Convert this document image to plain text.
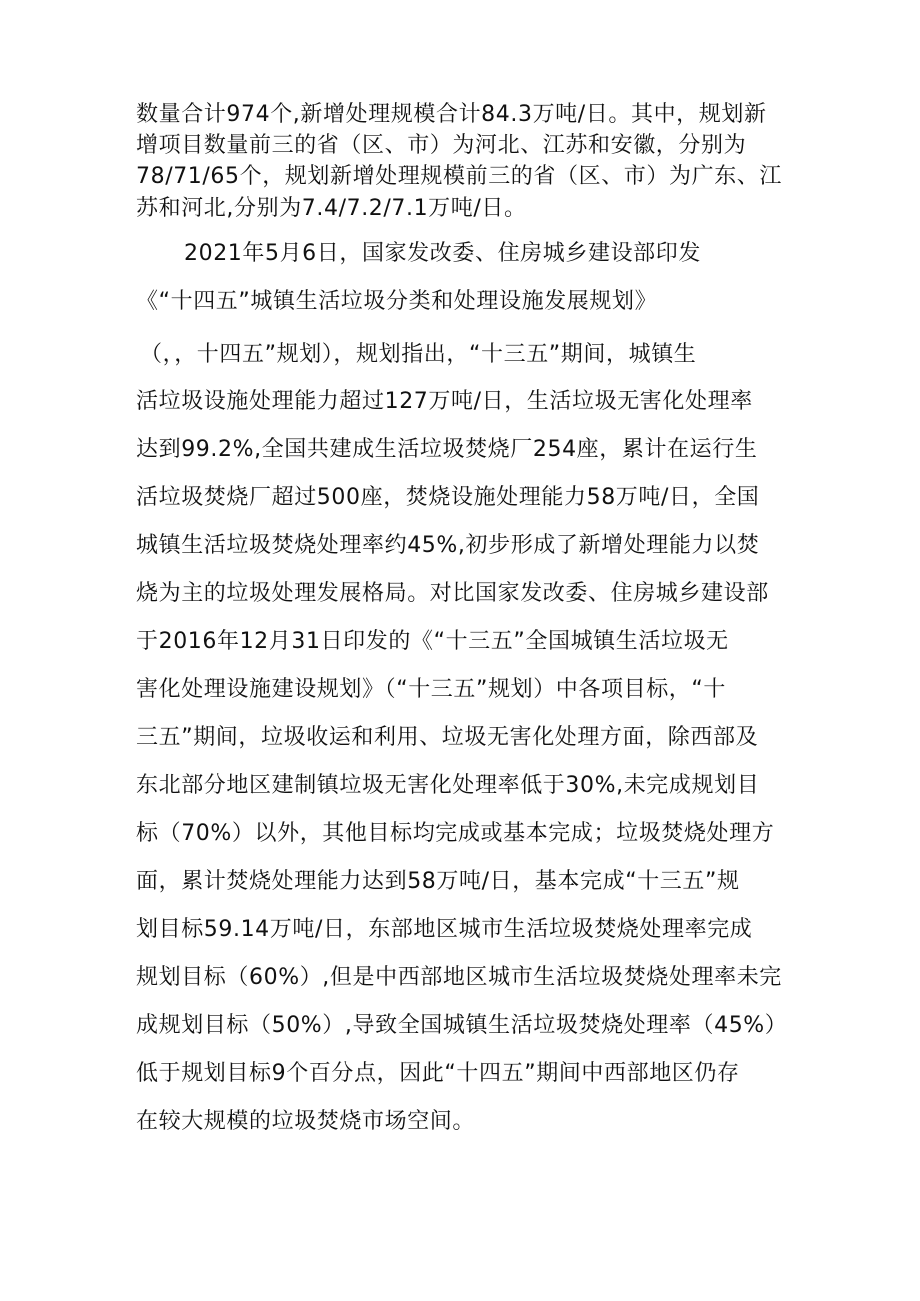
数量合计974个,新增处理规模合计84.3万吨/日。其中，规划新
增项目数量前三的省（区、市）为河北、江苏和安徽，分别为
78/71/65个，规划新增处理规模前三的省（区、市）为广东、江
苏和河北,分别为7.4/7.2/7.1万吨/日。
2021年5月6日，国家发改委、住房城乡建设部印发
《“十四五”城镇生活垃圾分类和处理设施发展规划》
（，，十四五”规划），规划指出，“十三五”期间，城镇生
活垃圾设施处理能力超过127万吨/日，生活垃圾无害化处理率
达到99.2%,全国共建成生活垃圾焚烧厂254座，累计在运行生
活垃圾焚烧厂超过500座，焚烧设施处理能力58万吨/日，全国
城镇生活垃圾焚烧处理率约45%,初步形成了新增处理能力以焚
烧为主的垃圾处理发展格局。对比国家发改委、住房城乡建设部
于2016年12月31日印发的《“十三五”全国城镇生活垃圾无
害化处理设施建设规划》（“十三五”规划）中各项目标，“十
三五”期间，垃圾收运和利用、垃圾无害化处理方面，除西部及
东北部分地区建制镇垃圾无害化处理率低于30%,未完成规划目
标（70%）以外，其他目标均完成或基本完成；垃圾焚烧处理方
面，累计焚烧处理能力达到58万吨/日，基本完成“十三五”规
划目标59.14万吨/日，东部地区城市生活垃圾焚烧处理率完成
规划目标（60%）,但是中西部地区城市生活垃圾焚烧处理率未完
成规划目标（50%）,导致全国城镇生活垃圾焚烧处理率（45%）
低于规划目标9个百分点，因此“十四五”期间中西部地区仍存
在较大规模的垃圾焚烧市场空间。
